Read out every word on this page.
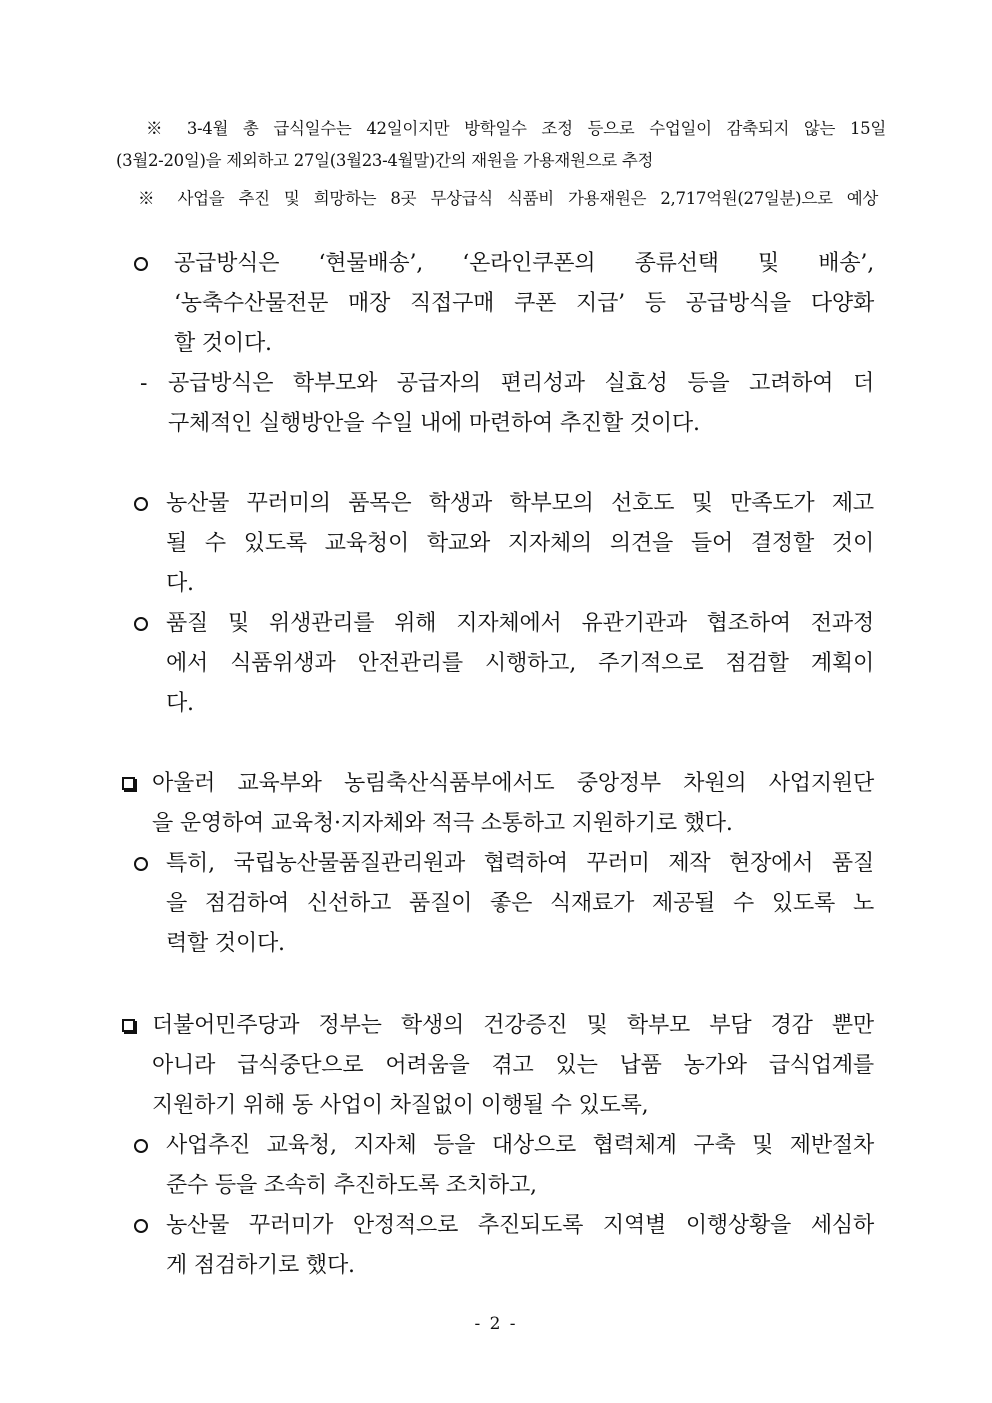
※ 3-4월 총 급식일수는 42일이지만 방학일수 조정 등으로 수업일이 감축되지 않는 15일
(3월2-20일)을 제외하고 27일(3월23-4월말)간의 재원을 가용재원으로 추정
※ 사업을 추진 및 희망하는 8곳 무상급식 식품비 가용재원은 2,717억원(27일분)으로 예상
공급방식은 ‘현물배송’, ‘온라인쿠폰의 종류선택 및 배송’,
‘농축수산물전문 매장 직접구매 쿠폰 지급’ 등 공급방식을 다양화
할 것이다.
- 공급방식은 학부모와 공급자의 편리성과 실효성 등을 고려하여 더
구체적인 실행방안을 수일 내에 마련하여 추진할 것이다.
농산물 꾸러미의 품목은 학생과 학부모의 선호도 및 만족도가 제고
될 수 있도록 교육청이 학교와 지자체의 의견을 들어 결정할 것이
다.
품질 및 위생관리를 위해 지자체에서 유관기관과 협조하여 전과정
에서 식품위생과 안전관리를 시행하고, 주기적으로 점검할 계획이
다.
아울러 교육부와 농림축산식품부에서도 중앙정부 차원의 사업지원단
을 운영하여 교육청·지자체와 적극 소통하고 지원하기로 했다.
특히, 국립농산물품질관리원과 협력하여 꾸러미 제작 현장에서 품질
을 점검하여 신선하고 품질이 좋은 식재료가 제공될 수 있도록 노
력할 것이다.
더불어민주당과 정부는 학생의 건강증진 및 학부모 부담 경감 뿐만
아니라 급식중단으로 어려움을 겪고 있는 납품 농가와 급식업계를
지원하기 위해 동 사업이 차질없이 이행될 수 있도록,
사업추진 교육청, 지자체 등을 대상으로 협력체계 구축 및 제반절차
준수 등을 조속히 추진하도록 조치하고,
농산물 꾸러미가 안정적으로 추진되도록 지역별 이행상황을 세심하
게 점검하기로 했다.
- 2 -
